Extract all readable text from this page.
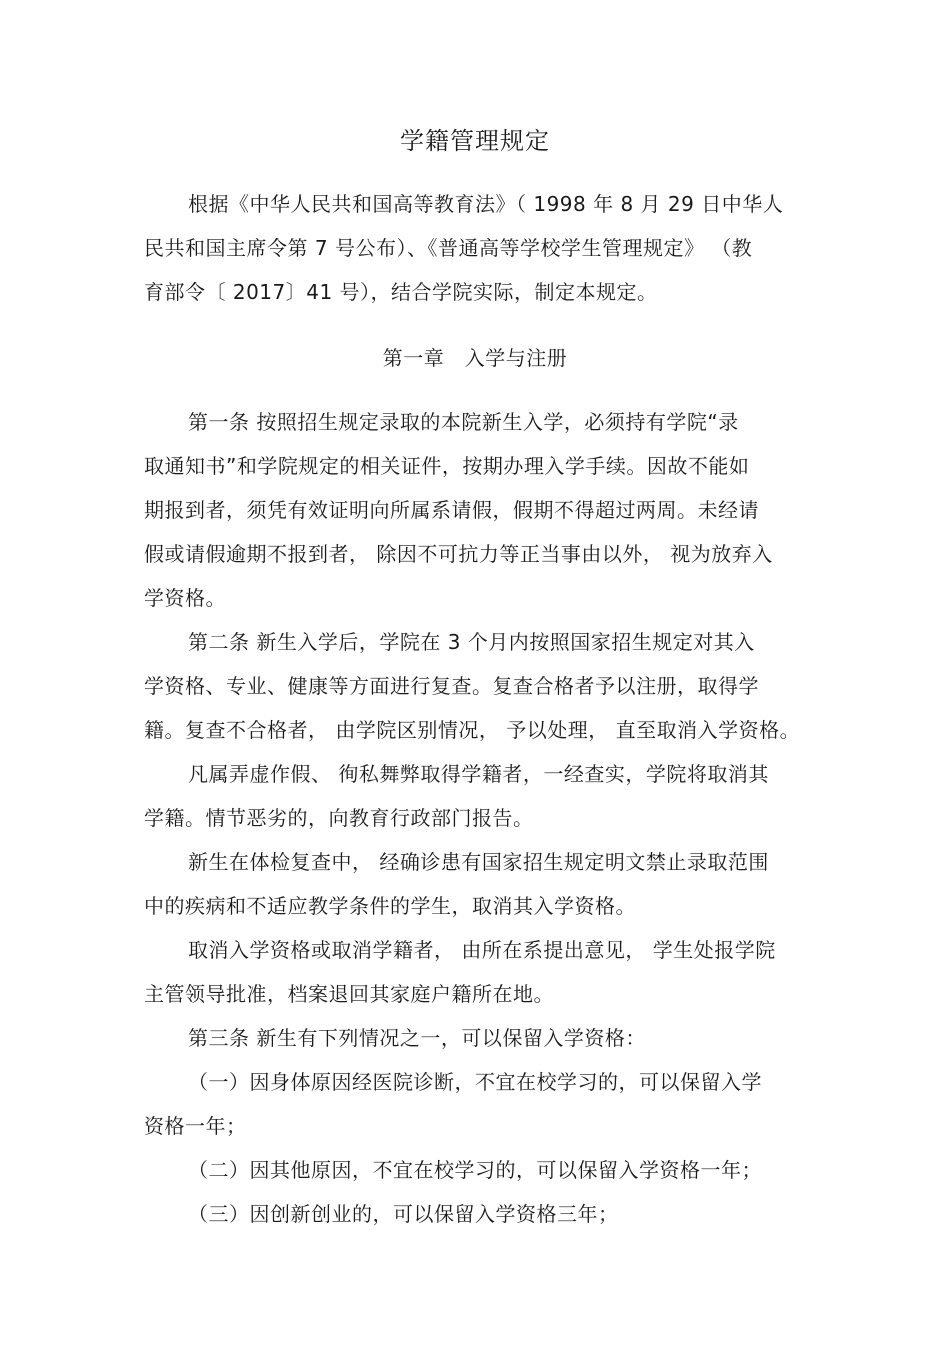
学籍管理规定
根据《中华人民共和国高等教育法》（ 1998 年 8 月 29 日中华人
民共和国主席令第 7 号公布）、《普通高等学校学生管理规定》 （教
育部令〔 2017〕41 号），结合学院实际，制定本规定。
第一章　入学与注册
第一条 按照招生规定录取的本院新生入学，必须持有学院“录
取通知书”和学院规定的相关证件，按期办理入学手续。因故不能如
期报到者，须凭有效证明向所属系请假，假期不得超过两周。未经请
假或请假逾期不报到者， 除因不可抗力等正当事由以外， 视为放弃入
学资格。
第二条 新生入学后，学院在 3 个月内按照国家招生规定对其入
学资格、专业、健康等方面进行复查。复查合格者予以注册，取得学
籍。复查不合格者， 由学院区别情况， 予以处理， 直至取消入学资格。
凡属弄虚作假、 徇私舞弊取得学籍者，一经查实，学院将取消其
学籍。情节恶劣的，向教育行政部门报告。
新生在体检复查中， 经确诊患有国家招生规定明文禁止录取范围
中的疾病和不适应教学条件的学生，取消其入学资格。
取消入学资格或取消学籍者， 由所在系提出意见， 学生处报学院
主管领导批准，档案退回其家庭户籍所在地。
第三条 新生有下列情况之一，可以保留入学资格：
（一）因身体原因经医院诊断，不宜在校学习的，可以保留入学
资格一年；
（二）因其他原因，不宜在校学习的，可以保留入学资格一年；
（三）因创新创业的，可以保留入学资格三年；
